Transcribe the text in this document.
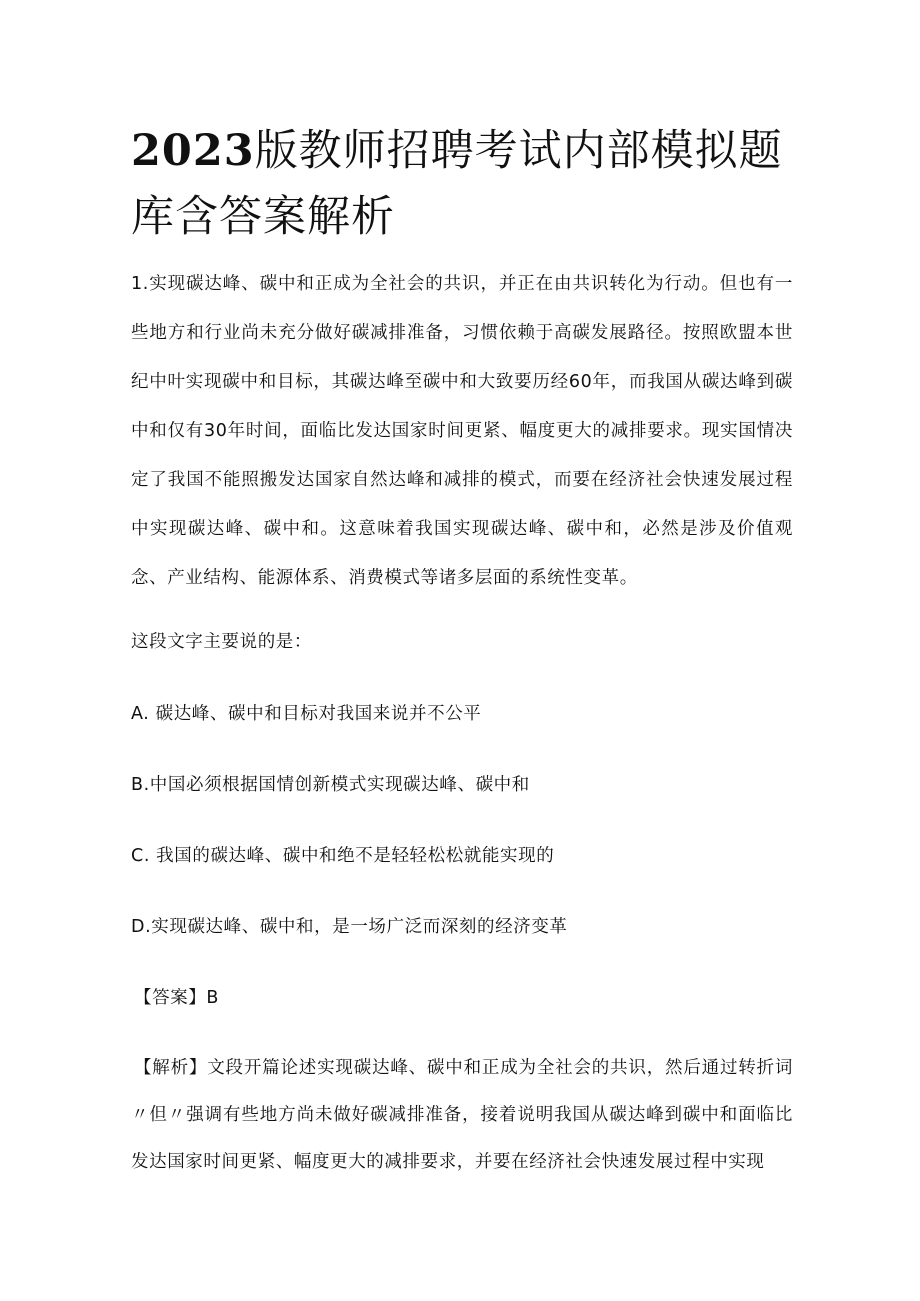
2023版教师招聘考试内部模拟题库含答案解析

1.实现碳达峰、碳中和正成为全社会的共识，并正在由共识转化为行动。但也有一些地方和行业尚未充分做好碳减排准备，习惯依赖于高碳发展路径。按照欧盟本世纪中叶实现碳中和目标，其碳达峰至碳中和大致要历经60年，而我国从碳达峰到碳中和仅有30年时间，面临比发达国家时间更紧、幅度更大的减排要求。现实国情决定了我国不能照搬发达国家自然达峰和减排的模式，而要在经济社会快速发展过程中实现碳达峰、碳中和。这意味着我国实现碳达峰、碳中和，必然是涉及价值观念、产业结构、能源体系、消费模式等诸多层面的系统性变革。

这段文字主要说的是：

A. 碳达峰、碳中和目标对我国来说并不公平

B.中国必须根据国情创新模式实现碳达峰、碳中和

C. 我国的碳达峰、碳中和绝不是轻轻松松就能实现的

D.实现碳达峰、碳中和，是一场广泛而深刻的经济变革

【答案】B

【解析】文段开篇论述实现碳达峰、碳中和正成为全社会的共识，然后通过转折词〃但〃强调有些地方尚未做好碳减排准备，接着说明我国从碳达峰到碳中和面临比发达国家时间更紧、幅度更大的减排要求，并要在经济社会快速发展过程中实现
